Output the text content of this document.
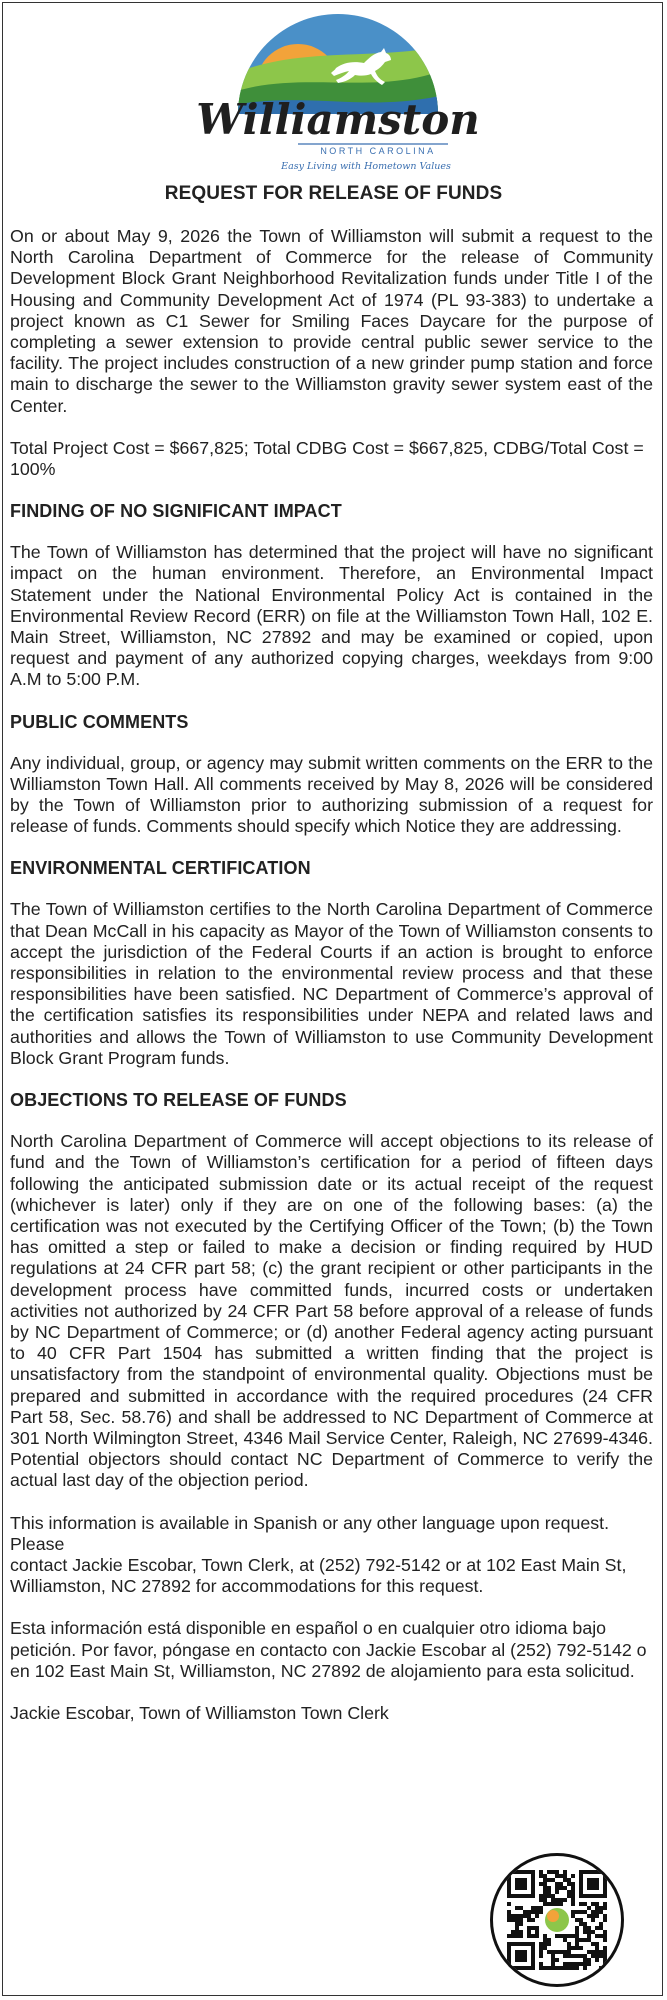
Williamston
NORTH CAROLINA
Easy Living with Hometown Values
REQUEST FOR RELEASE OF FUNDS

On or about May 9, 2026 the Town of Williamston will submit a request to the North Carolina Department of Commerce for the release of Community Development Block Grant Neighborhood Revitalization funds under Title I of the Housing and Community Development Act of 1974 (PL 93-383) to undertake a project known as C1 Sewer for Smiling Faces Daycare for the purpose of completing a sewer extension to provide central public sewer service to the facility. The project includes construction of a new grinder pump station and force main to discharge the sewer to the Williamston gravity sewer system east of the Center.

Total Project Cost = $667,825; Total CDBG Cost = $667,825, CDBG/Total Cost = 100%

FINDING OF NO SIGNIFICANT IMPACT

The Town of Williamston has determined that the project will have no significant impact on the human environment. Therefore, an Environmental Impact Statement under the National Environmental Policy Act is contained in the Environmental Review Record (ERR) on file at the Williamston Town Hall, 102 E. Main Street, Williamston, NC 27892 and may be examined or copied, upon request and payment of any authorized copying charges, weekdays from 9:00 A.M to 5:00 P.M.

PUBLIC COMMENTS

Any individual, group, or agency may submit written comments on the ERR to the Williamston Town Hall. All comments received by May 8, 2026 will be considered by the Town of Williamston prior to authorizing submission of a request for release of funds. Comments should specify which Notice they are addressing.

ENVIRONMENTAL CERTIFICATION

The Town of Williamston certifies to the North Carolina Department of Commerce that Dean McCall in his capacity as Mayor of the Town of Williamston consents to accept the jurisdiction of the Federal Courts if an action is brought to enforce responsibilities in relation to the environmental review process and that these responsibilities have been satisfied. NC Department of Commerce’s approval of the certification satisfies its responsibilities under NEPA and related laws and authorities and allows the Town of Williamston to use Community Development Block Grant Program funds.

OBJECTIONS TO RELEASE OF FUNDS

North Carolina Department of Commerce will accept objections to its release of fund and the Town of Williamston’s certification for a period of fifteen days following the anticipated submission date or its actual receipt of the request (whichever is later) only if they are on one of the following bases: (a) the certification was not executed by the Certifying Officer of the Town; (b) the Town has omitted a step or failed to make a decision or finding required by HUD regulations at 24 CFR part 58; (c) the grant recipient or other participants in the development process have committed funds, incurred costs or undertaken activities not authorized by 24 CFR Part 58 before approval of a release of funds by NC Department of Commerce; or (d) another Federal agency acting pursuant to 40 CFR Part 1504 has submitted a written finding that the project is unsatisfactory from the standpoint of environmental quality. Objections must be prepared and submitted in accordance with the required procedures (24 CFR Part 58, Sec. 58.76) and shall be addressed to NC Department of Commerce at 301 North Wilmington Street, 4346 Mail Service Center, Raleigh, NC 27699-4346. Potential objectors should contact NC Department of Commerce to verify the actual last day of the objection period.

This information is available in Spanish or any other language upon request. Please

contact Jackie Escobar, Town Clerk, at (252) 792-5142 or at 102 East Main St, Williamston, NC 27892 for accommodations for this request.

Esta información está disponible en español o en cualquier otro idioma bajo petición. Por favor, póngase en contacto con Jackie Escobar al (252) 792-5142 o en 102 East Main St, Williamston, NC 27892 de alojamiento para esta solicitud.

Jackie Escobar, Town of Williamston Town Clerk
